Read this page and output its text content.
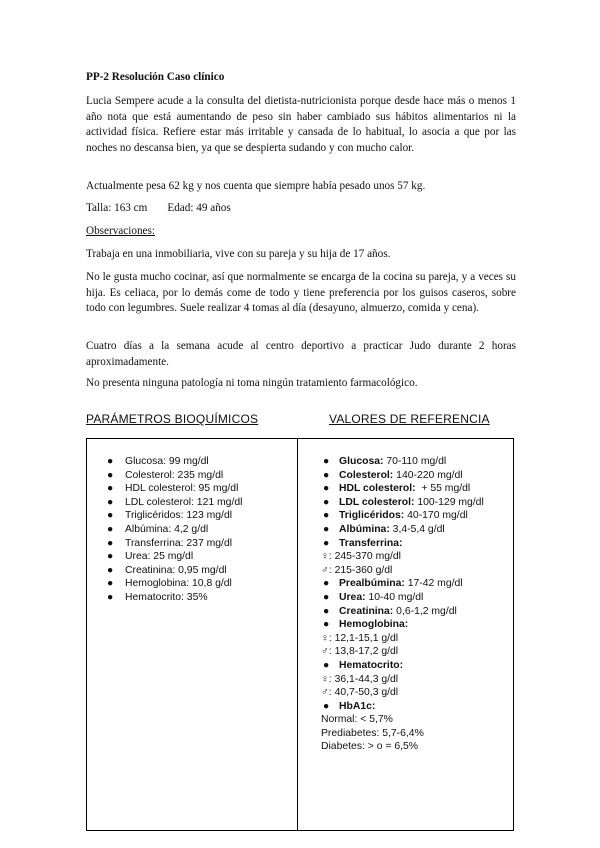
PP-2 Resolución Caso clínico

Lucia Sempere acude a la consulta del dietista-nutricionista porque desde hace más o menos 1 año nota que está aumentando de peso sin haber cambiado sus hábitos alimentarios ni la actividad física. Refiere estar más irritable y cansada de lo habitual, lo asocia a que por las noches no descansa bien, ya que se despierta sudando y con mucho calor.

Actualmente pesa 62 kg y nos cuenta que siempre había pesado unos 57 kg.

Talla: 163 cm Edad: 49 años
Observaciones:

Trabaja en una inmobiliaria, vive con su pareja y su hija de 17 años.

No le gusta mucho cocinar, así que normalmente se encarga de la cocina su pareja, y a veces su hija. Es celiaca, por lo demás come de todo y tiene preferencia por los guisos caseros, sobre todo con legumbres. Suele realizar 4 tomas al día (desayuno, almuerzo, comida y cena).

Cuatro días a la semana acude al centro deportivo a practicar Judo durante 2 horas aproximadamente.

No presenta ninguna patología ni toma ningún tratamiento farmacológico.

PARÁMETROS BIOQUÍMICOS	VALORES DE REFERENCIA
● Glucosa: 99 mg/dl
● Colesterol: 235 mg/dl
● HDL colesterol: 95 mg/dl
● LDL colesterol: 121 mg/dl
● Triglicéridos: 123 mg/dl
● Albúmina: 4,2 g/dl
● Transferrina: 237 mg/dl
● Urea: 25 mg/dl
● Creatinina: 0,95 mg/dl
● Hemoglobina: 10,8 g/dl
● Hematocrito: 35%
● Glucosa: 70-110 mg/dl
● Colesterol: 140-220 mg/dl
● HDL colesterol:  + 55 mg/dl
● LDL colesterol: 100-129 mg/dl
● Triglicéridos: 40-170 mg/dl
● Albúmina: 3,4-5,4 g/dl
● Transferrina:
♀: 245-370 mg/dl
♂: 215-360 g/dl
● Prealbúmina: 17-42 mg/dl
● Urea: 10-40 mg/dl
● Creatinina: 0,6-1,2 mg/dl
● Hemoglobina:
♀: 12,1-15,1 g/dl
♂: 13,8-17,2 g/dl
● Hematocrito:
♀: 36,1-44,3 g/dl
♂: 40,7-50,3 g/dl
● HbA1c:
Normal: < 5,7%
Prediabetes: 5,7-6,4%
Diabetes: > o = 6,5%
